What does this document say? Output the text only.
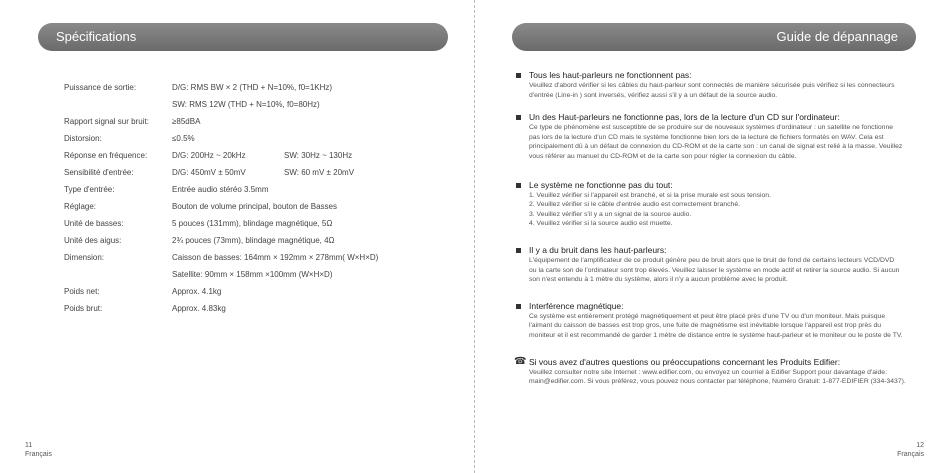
Spécifications
Puissance de sortie:	D/G: RMS BW × 2 (THD + N=10%, f0=1KHz)
SW: RMS 12W (THD + N=10%, f0=80Hz)
Rapport signal sur bruit:	≥85dBA
Distorsion:	≤0.5%
Réponse en fréquence:	D/G: 200Hz ~ 20kHz	SW: 30Hz ~ 130Hz
Sensibilité d'entrée:	D/G: 450mV ± 50mV	SW: 60 mV ± 20mV
Type d'entrée:	Entrée audio stéréo 3.5mm
Réglage:	Bouton de volume principal, bouton de Basses
Unité de basses:	5 pouces (131mm), blindage magnétique, 5Ω
Unité des aigus:	2¾ pouces (73mm), blindage magnétique, 4Ω
Dimension:	Caisson de basses: 164mm × 192mm × 278mm( W×H×D)
Satellite: 90mm × 158mm ×100mm (W×H×D)
Poids net:	Approx. 4.1kg
Poids brut:	Approx. 4.83kg
11
Français
Guide de dépannage
Tous les haut-parleurs ne fonctionnent pas:
Veuillez d'abord vérifier si les câbles du haut-parleur sont connectés de manière sécurisée puis vérifiez si les connecteurs
d'entrée (Line-in ) sont inversés, vérifiez aussi s'il y a un défaut de la source audio.
Un des Haut-parleurs ne fonctionne pas, lors de la lecture d'un CD sur l'ordinateur:
Ce type de phénomène est susceptible de se produire sur de nouveaux systèmes d'ordinateur : un satellite ne fonctionne
pas lors de la lecture d'un CD mais le système fonctionne bien lors de la lecture de fichiers formatés en WAV. Cela est
principalement dû à un défaut de connexion du CD-ROM et de la carte son : un canal de signal est relié à la masse. Veuillez
vous référer au manuel du CD-ROM et de la carte son pour régler la connexion du câble.
Le système ne fonctionne pas du tout:
1. Veuillez vérifier si l'appareil est branché, et si la prise murale est sous tension.
2. Veuillez vérifier si le câble d'entrée audio est correctement branché.
3. Veuillez vérifier s'il y a un signal de la source audio.
4. Veuillez vérifier si la source audio est muette.
Il y a du bruit dans les haut-parleurs:
L'équipement de l'amplificateur de ce produit génère peu de bruit alors que le bruit de fond de certains lecteurs VCD/DVD
ou la carte son de l'ordinateur sont trop élevés. Veuillez laisser le système en mode actif et retirer la source audio. Si aucun
son n'est entendu à 1 mètre du système, alors il n'y a aucun problème avec le produit.
Interférence magnétique:
Ce système est entièrement protégé magnétiquement et peut être placé près d'une TV ou d'un moniteur. Mais puisque
l'aimant du caisson de basses est trop gros, une fuite de magnétisme est inévitable lorsque l'appareil est trop près du
moniteur et il est recommandé de garder 1 mètre de distance entre le système haut-parleur et le moniteur ou le poste de TV.
☎ Si vous avez d'autres questions ou préoccupations concernant les Produits Edifier:
Veuillez consulter notre site Internet : www.edifier.com, ou envoyez un courriel à Edifier Support pour davantage d'aide:
main@edifier.com. Si vous préférez, vous pouvez nous contacter par téléphone, Numéro Gratuit: 1-877-EDIFIER (334-3437).
12
Français
